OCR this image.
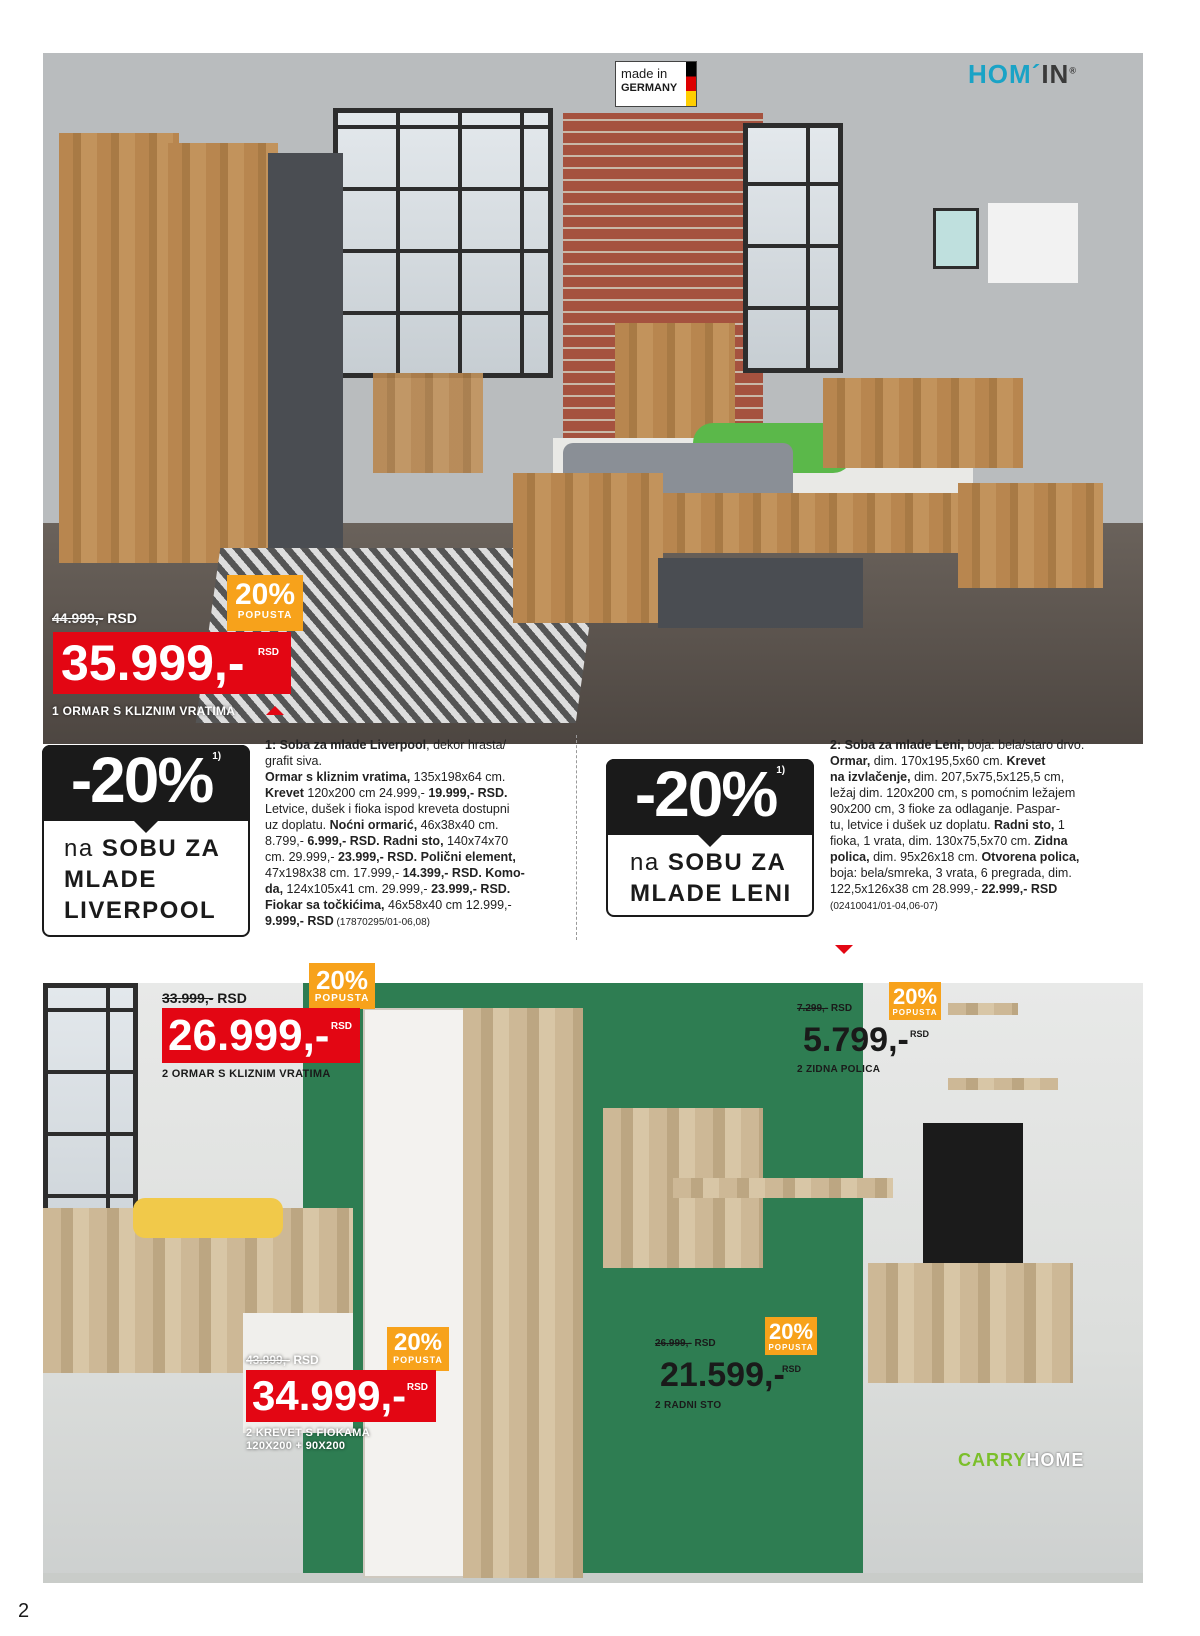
made in
GERMANY	HOM´IN®
20%
POPUSTA
44.999,- RSD
35.999,- RSD
1 ORMAR S KLIZNIM VRATIMA
-20%$^{1)}$
na SOBU ZA
MLADE
LIVERPOOL
1: Soba za mlade Liverpool, dekor hrasta/
grafit siva.
Ormar s kliznim vratima, 135x198x64 cm.
Krevet 120x200 cm 24.999,- 19.999,- RSD.
Letvice, dušek i fioka ispod kreveta dostupni
uz doplatu. Noćni ormarić, 46x38x40 cm.
8.799,- 6.999,- RSD. Radni sto, 140x74x70
cm. 29.999,- 23.999,- RSD. Polični element,
47x198x38 cm. 17.999,- 14.399,- RSD. Komo-
da, 124x105x41 cm. 29.999,- 23.999,- RSD.
Fiokar sa točkićima, 46x58x40 cm 12.999,-
9.999,- RSD (17870295/01-06,08)
-20%$^{1)}$
na SOBU ZA
MLADE LENI
2: Soba za mlade Leni, boja: bela/staro drvo.
Ormar, dim. 170x195,5x60 cm. Krevet
na izvlačenje, dim. 207,5x75,5x125,5 cm,
ležaj dim. 120x200 cm, s pomoćnim ležajem
90x200 cm, 3 fioke za odlaganje. Paspar-
tu, letvice i dušek uz doplatu. Radni sto, 1
fioka, 1 vrata, dim. 130x75,5x70 cm. Zidna
polica, dim. 95x26x18 cm. Otvorena polica,
boja: bela/smreka, 3 vrata, 6 pregrada, dim.
122,5x126x38 cm 28.999,- 22.999,- RSD
(02410041/01-04,06-07)
CARRYHOME
20%
POPUSTA
33.999,- RSD
26.999,- RSD
2 ORMAR S KLIZNIM VRATIMA
20%
POPUSTA
7.299,- RSD
5.799,- RSD
2 ZIDNA POLICA
20%
POPUSTA
43.999,- RSD
34.999,- RSD
2 KREVET S FIOKAMA
120X200 + 90X200
20%
POPUSTA
26.999,- RSD
21.599,-
RSD
2 RADNI STO
2
